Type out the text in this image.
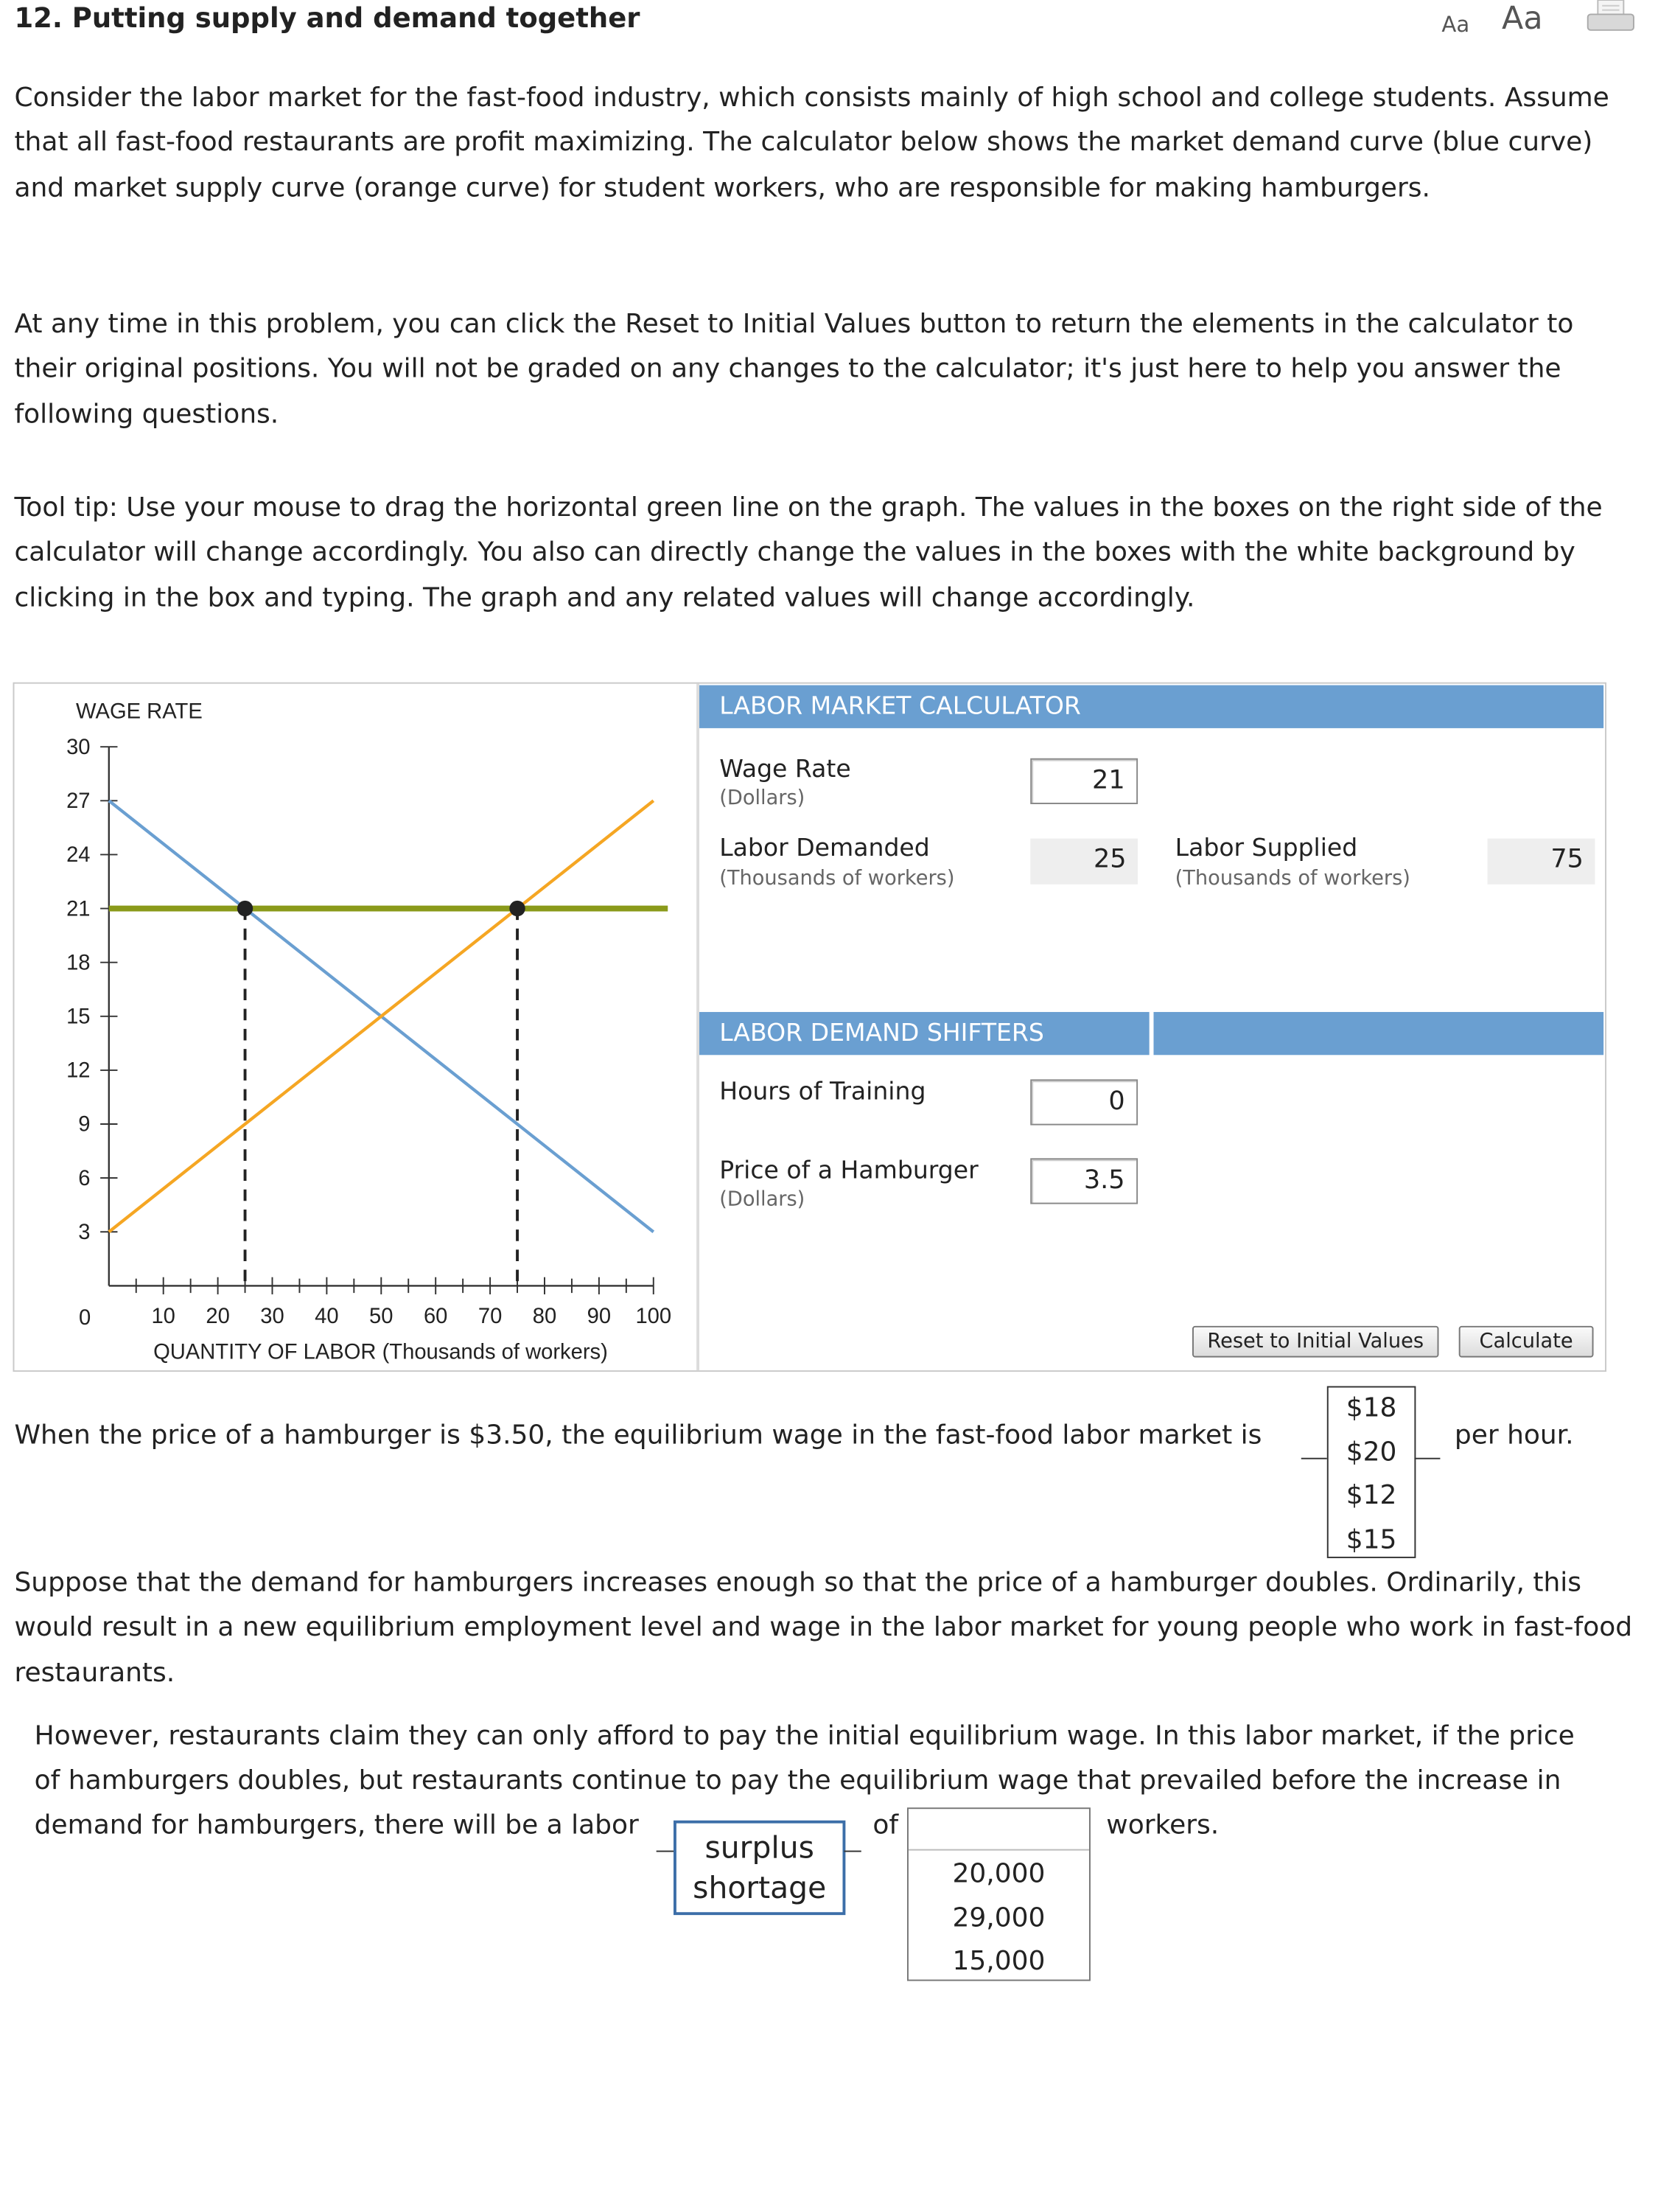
12. Putting supply and demand together	Aa Aa
Consider the labor market for the fast-food industry, which consists mainly of high school and college students. Assume that all fast-food restaurants are profit maximizing. The calculator below shows the market demand curve (blue curve) and market supply curve (orange curve) for student workers, who are responsible for making hamburgers.
At any time in this problem, you can click the Reset to Initial Values button to return the elements in the calculator to their original positions. You will not be graded on any changes to the calculator; it's just here to help you answer the following questions.
Tool tip: Use your mouse to drag the horizontal green line on the graph. The values in the boxes on the right side of the calculator will change accordingly. You also can directly change the values in the boxes with the white background by clicking in the box and typing. The graph and any related values will change accordingly.
WAGE RATE
QUANTITY OF LABOR (Thousands of workers)
0
30
27
24
21
18
15
12
9
6
3
10	20	30	40	50	60	70	80	90 100
LABOR MARKET CALCULATOR
Wage Rate
(Dollars)
21
Labor Demanded
(Thousands of workers)
25	Labor Supplied
(Thousands of workers)
75
LABOR DEMAND SHIFTERS
Hours of Training	0
Price of a Hamburger
(Dollars)
3.5
Reset to Initial Values	Calculate
When the price of a hamburger is $3.50, the equilibrium wage in the fast-food labor market is
$18
$20
$12
$15
per hour.
Suppose that the demand for hamburgers increases enough so that the price of a hamburger doubles. Ordinarily, this would result in a new equilibrium employment level and wage in the labor market for young people who work in fast-food restaurants.
However, restaurants claim they can only afford to pay the initial equilibrium wage. In this labor market, if the price
of hamburgers doubles, but restaurants continue to pay the equilibrium wage that prevailed before the increase in
demand for hamburgers, there will be a labor
surplus
shortage
of
20,000
29,000
15,000
workers.
